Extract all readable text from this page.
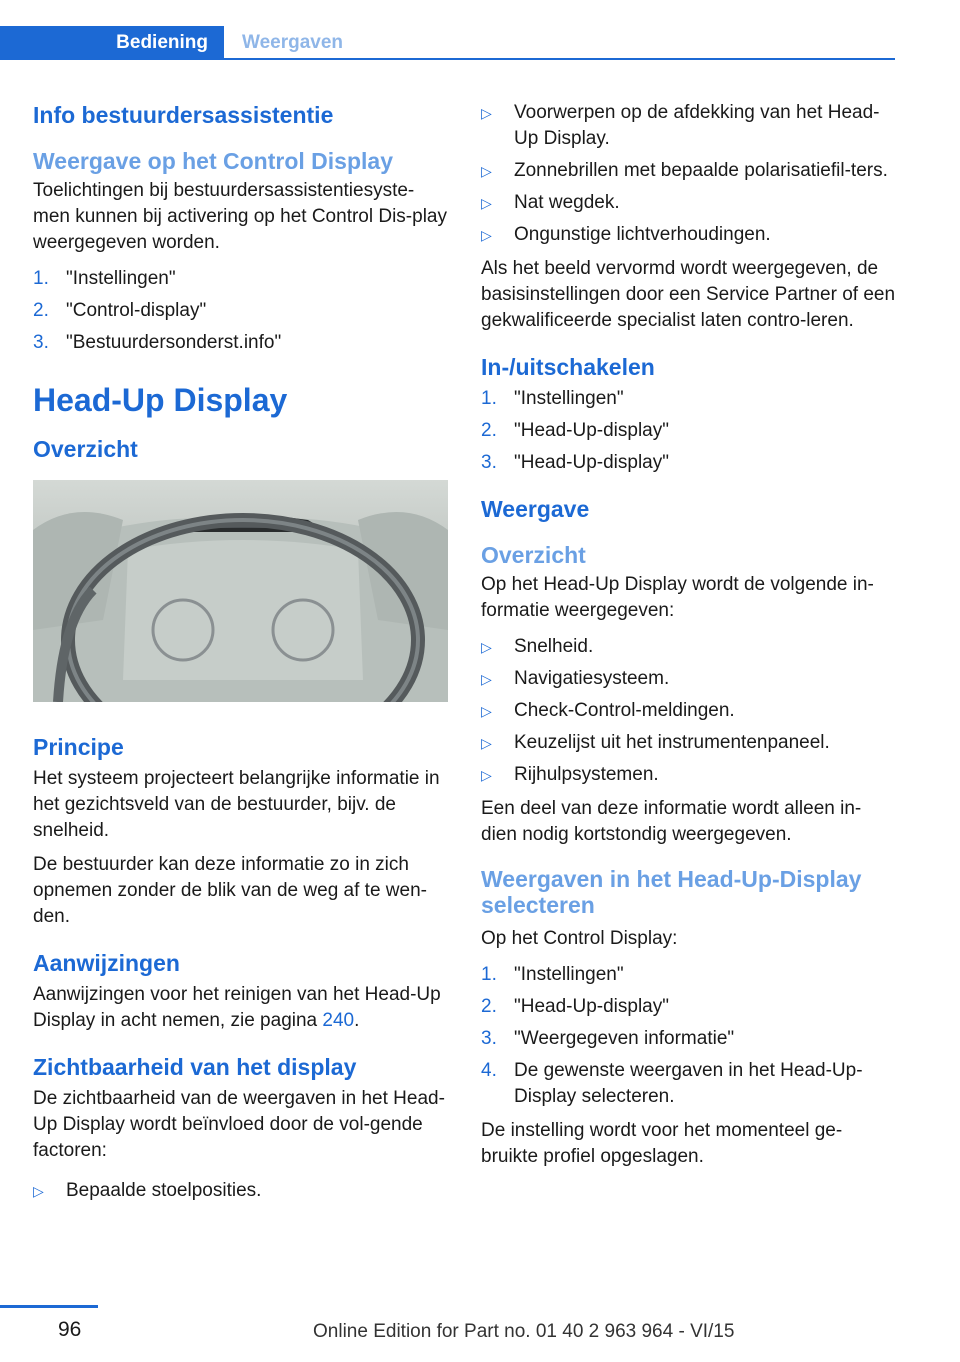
Bediening Weergaven
Info bestuurdersassistentie
Weergave op het Control Display

Toelichtingen bij bestuurdersassistentiesyste‐men kunnen bij activering op het Control Dis‐play weergegeven worden.

1. "Instellingen"
2. "Control-display"
3. "Bestuurdersonderst.info"
Head-Up Display
Overzicht
Principe

Het systeem projecteert belangrijke informatie in het gezichtsveld van de bestuurder, bijv. de snelheid.

De bestuurder kan deze informatie zo in zich opnemen zonder de blik van de weg af te wen‐den.

Aanwijzingen

Aanwijzingen voor het reinigen van het Head-Up Display in acht nemen, zie pagina 240.

Zichtbaarheid van het display

De zichtbaarheid van de weergaven in het Head-Up Display wordt beïnvloed door de vol‐gende factoren:

▷ Bepaalde stoelposities.
▷ Voorwerpen op de afdekking van het Head-Up Display.
▷ Zonnebrillen met bepaalde polarisatiefil‐ters.
▷ Nat wegdek.
▷ Ongunstige lichtverhoudingen.

Als het beeld vervormd wordt weergegeven, de basisinstellingen door een Service Partner of een gekwalificeerde specialist laten contro‐leren.

In-/uitschakelen
1. "Instellingen"
2. "Head-Up-display"
3. "Head-Up-display"
Weergave
Overzicht

Op het Head-Up Display wordt de volgende in‐formatie weergegeven:

▷ Snelheid.
▷ Navigatiesysteem.
▷ Check-Control-meldingen.
▷ Keuzelijst uit het instrumentenpaneel.
▷ Rijhulpsystemen.

Een deel van deze informatie wordt alleen in‐dien nodig kortstondig weergegeven.

Weergaven in het Head-Up-Display selecteren

Op het Control Display:

1. "Instellingen"
2. "Head-Up-display"
3. "Weergegeven informatie"
4. De gewenste weergaven in het Head-Up-Display selecteren.

De instelling wordt voor het momenteel ge‐bruikte profiel opgeslagen.

96	Online Edition for Part no. 01 40 2 963 964 - VI/15
